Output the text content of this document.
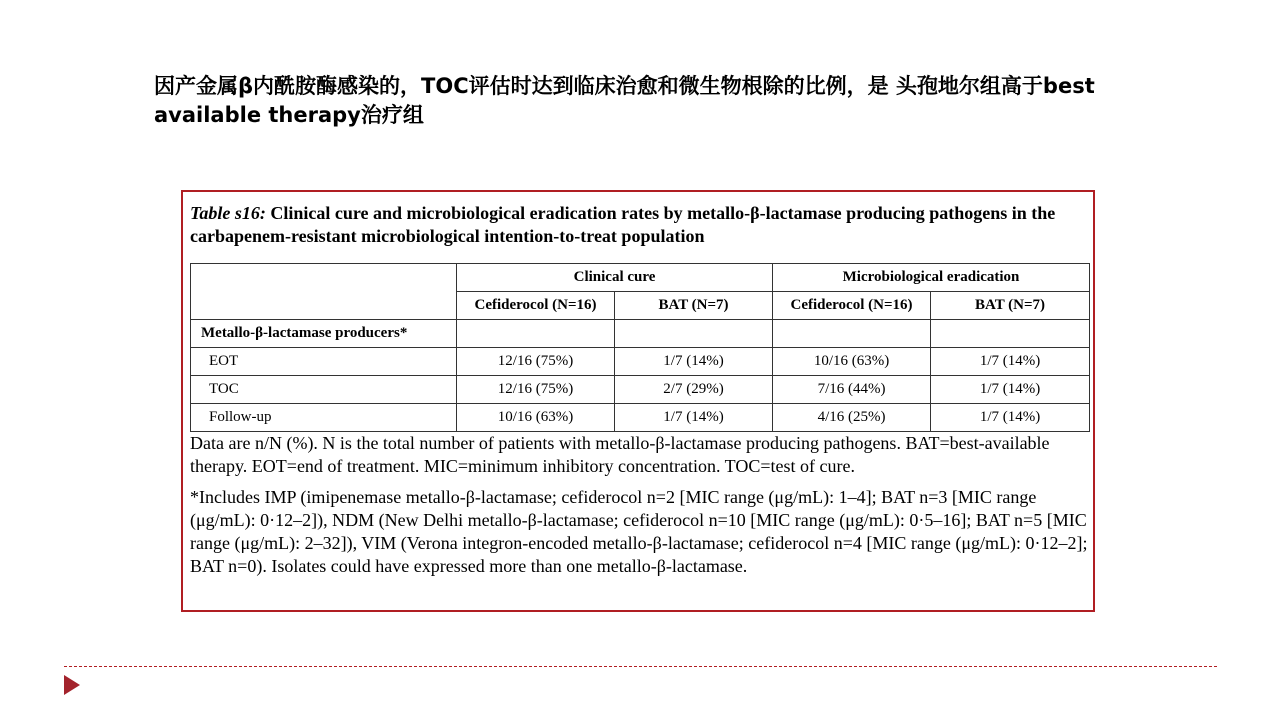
因产金属β内酰胺酶感染的，TOC评估时达到临床治愈和微生物根除的比例，是 头孢地尔组高于best available therapy治疗组
Table s16: Clinical cure and microbiological eradication rates by metallo-β-lactamase producing pathogens in the carbapenem-resistant microbiological intention-to-treat population
	Clinical cure		Microbiological eradication	
	Cefiderocol (N=16)	BAT (N=7)	Cefiderocol (N=16)	BAT (N=7)
Metallo-β-lactamase producers*				
EOT	12/16 (75%)	1/7 (14%)	10/16 (63%)	1/7 (14%)
TOC	12/16 (75%)	2/7 (29%)	7/16 (44%)	1/7 (14%)
Follow-up	10/16 (63%)	1/7 (14%)	4/16 (25%)	1/7 (14%)
Data are n/N (%). N is the total number of patients with metallo-β-lactamase producing pathogens. BAT=best-available therapy. EOT=end of treatment. MIC=minimum inhibitory concentration. TOC=test of cure.
*Includes IMP (imipenemase metallo-β-lactamase; cefiderocol n=2 [MIC range (μg/mL): 1–4]; BAT n=3 [MIC range (μg/mL): 0·12–2]), NDM (New Delhi metallo-β-lactamase; cefiderocol n=10 [MIC range (μg/mL): 0·5–16]; BAT n=5 [MIC range (μg/mL): 2–32]), VIM (Verona integron-encoded metallo-β-lactamase; cefiderocol n=4 [MIC range (μg/mL): 0·12–2]; BAT n=0). Isolates could have expressed more than one metallo-β-lactamase.
